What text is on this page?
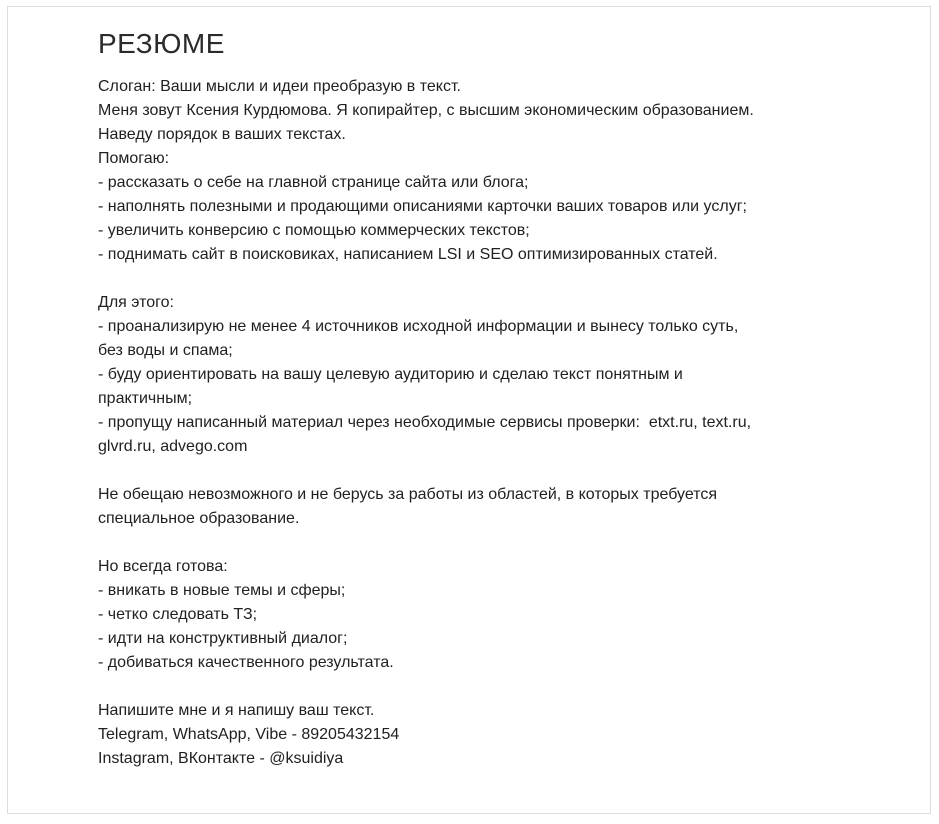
РЕЗЮМЕ
Слоган: Ваши мысли и идеи преобразую в текст.
Меня зовут Ксения Курдюмова. Я копирайтер, с высшим экономическим образованием.
Наведу порядок в ваших текстах.
Помогаю:
- рассказать о себе на главной странице сайта или блога;
- наполнять полезными и продающими описаниями карточки ваших товаров или услуг;
- увеличить конверсию с помощью коммерческих текстов;
- поднимать сайт в поисковиках, написанием LSI и SEO оптимизированных статей.
Для этого:
- проанализирую не менее 4 источников исходной информации и вынесу только суть,
без воды и спама;
- буду ориентировать на вашу целевую аудиторию и сделаю текст понятным и
практичным;
- пропущу написанный материал через необходимые сервисы проверки:  etxt.ru, text.ru,
glvrd.ru, advego.com
Не обещаю невозможного и не берусь за работы из областей, в которых требуется
специальное образование.
Но всегда готова:
- вникать в новые темы и сферы;
- четко следовать ТЗ;
- идти на конструктивный диалог;
- добиваться качественного результата.
Напишите мне и я напишу ваш текст.
Telegram, WhatsApp, Vibe - 89205432154
Instagram, ВКонтакте - @ksuidiya
